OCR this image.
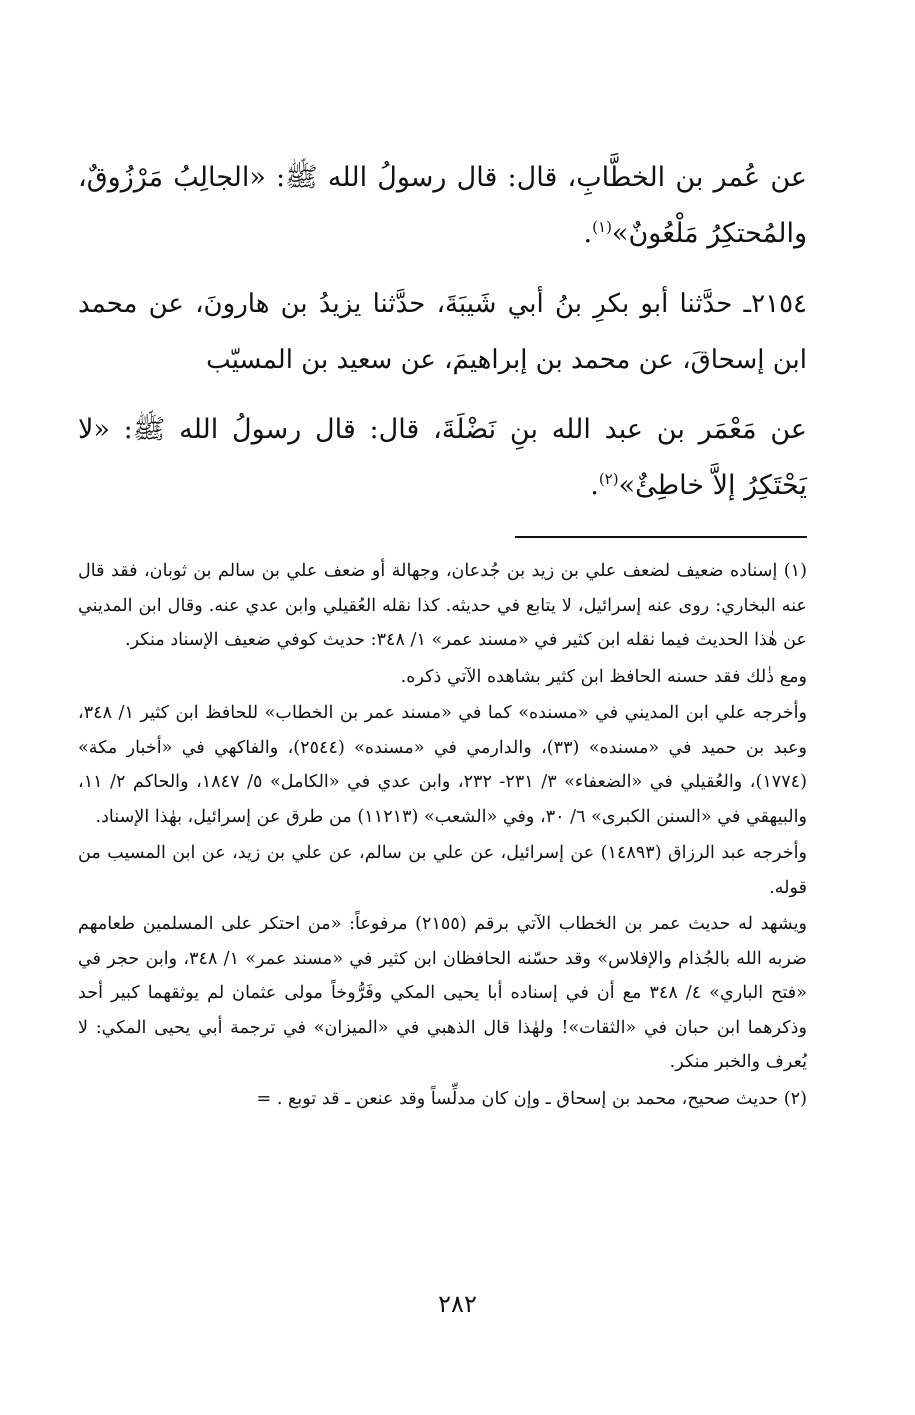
عن عُمر بن الخطَّابِ، قال: قال رسولُ الله ﷺ: «الجالِبُ مَرْزُوقٌ، والمُحتكِرُ مَلْعُونٌ»$^{(١)}$.

٢١٥٤ـ حدَّثنا أبو بكرِ بنُ أبي شَيبَةَ، حدَّثنا يزيدُ بن هارونَ، عن محمد ابن إسحاقَ، عن محمد بن إبراهيمَ، عن سعيد بن المسيّب

عن مَعْمَر بن عبد الله بنِ نَضْلَةَ، قال: قال رسولُ الله ﷺ: «لا يَحْتَكِرُ إلاَّ خاطِئٌ»$^{(٢)}$.

(١) إسناده ضعيف لضعف علي بن زيد بن جُدعان، وجهالة أو ضعف علي بن سالم بن ثوبان، فقد قال عنه البخاري: روى عنه إسرائيل، لا يتابع في حديثه. كذا نقله العُقيلي وابن عدي عنه. وقال ابن المديني عن هٰذا الحديث فيما نقله ابن كثير في «مسند عمر» ١/ ٣٤٨: حديث كوفي ضعيف الإسناد منكر.

ومع ذٰلك فقد حسنه الحافظ ابن كثير بشاهده الآتي ذكره.

وأخرجه علي ابن المديني في «مسنده» كما في «مسند عمر بن الخطاب» للحافظ ابن كثير ١/ ٣٤٨، وعبد بن حميد في «مسنده» (٣٣)، والدارمي في «مسنده» (٢٥٤٤)، والفاكهي في «أخبار مكة» (١٧٧٤)، والعُقيلي في «الضعفاء» ٣/ ٢٣١- ٢٣٢، وابن عدي في «الكامل» ٥/ ١٨٤٧، والحاكم ٢/ ١١، والبيهقي في «السنن الكبرى» ٦/ ٣٠، وفي «الشعب» (١١٢١٣) من طرق عن إسرائيل، بهٰذا الإسناد.

وأخرجه عبد الرزاق (١٤٨٩٣) عن إسرائيل، عن علي بن سالم، عن علي بن زيد، عن ابن المسيب من قوله.

ويشهد له حديث عمر بن الخطاب الآتي برقم (٢١٥٥) مرفوعاً: «من احتكر على المسلمين طعامهم ضربه الله بالجُذام والإفلاس» وقد حسّنه الحافظان ابن كثير في «مسند عمر» ١/ ٣٤٨، وابن حجر في «فتح الباري» ٤/ ٣٤٨ مع أن في إسناده أبا يحيى المكي وفَرُّوخاً مولى عثمان لم يوثقهما كبير أحد وذكرهما ابن حبان في «الثقات»! ولهٰذا قال الذهبي في «الميزان» في ترجمة أبي يحيى المكي: لا يُعرف والخبر منكر.

(٢) حديث صحيح، محمد بن إسحاق ـ وإن كان مدلِّساً وقد عنعن ـ قد توبع . =

٢٨٢
